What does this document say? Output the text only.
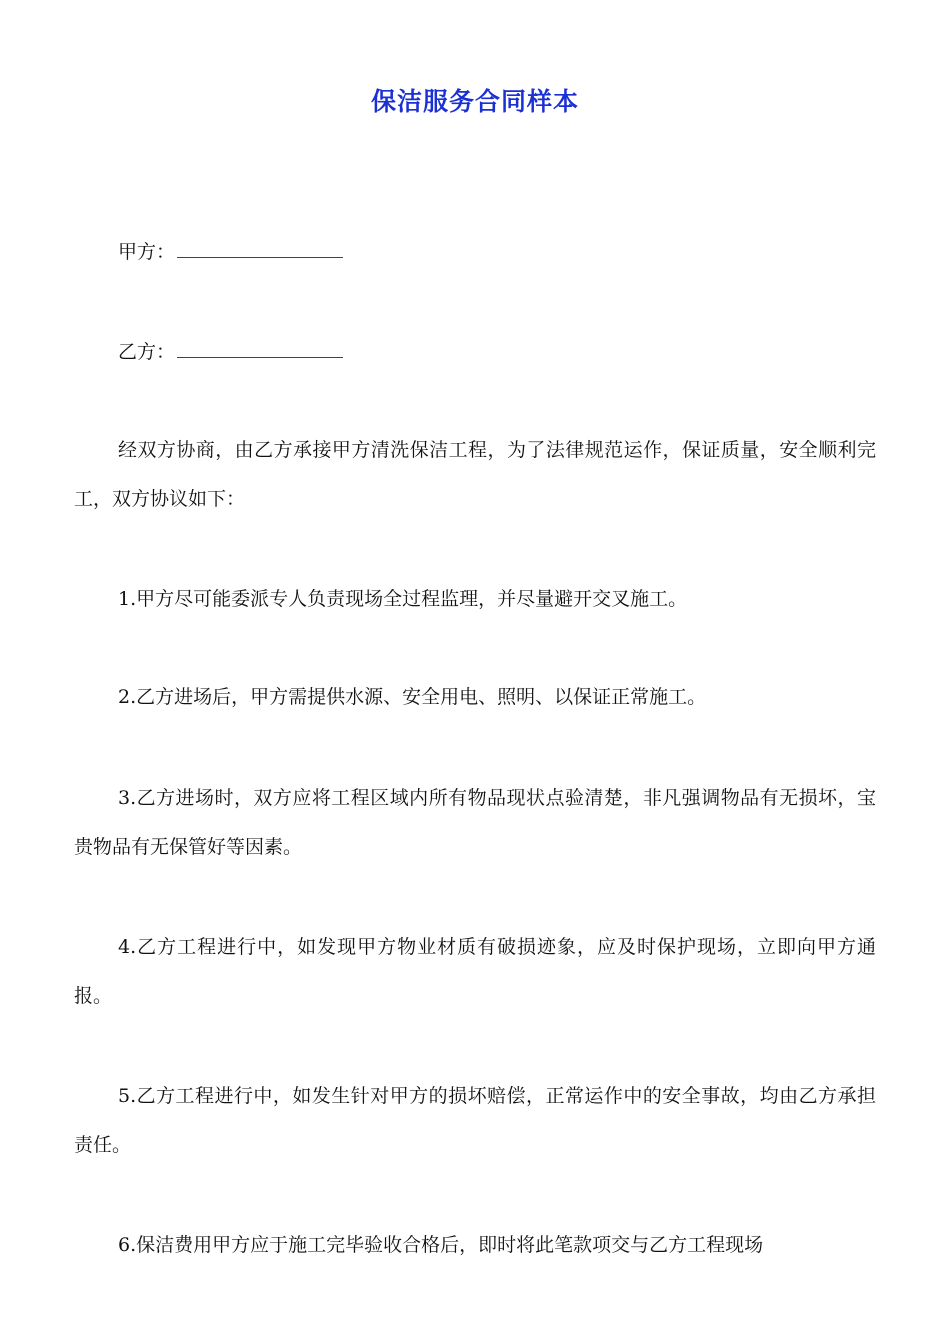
保洁服务合同样本
甲方：
乙方：

经双方协商，由乙方承接甲方清洗保洁工程，为了法律规范运作，保证质量，安全顺利完工，双方协议如下：

1.甲方尽可能委派专人负责现场全过程监理，并尽量避开交叉施工。

2.乙方进场后，甲方需提供水源、安全用电、照明、以保证正常施工。

3.乙方进场时，双方应将工程区域内所有物品现状点验清楚，非凡强调物品有无损坏，宝贵物品有无保管好等因素。

4.乙方工程进行中，如发现甲方物业材质有破损迹象，应及时保护现场，立即向甲方通报。

5.乙方工程进行中，如发生针对甲方的损坏赔偿，正常运作中的安全事故，均由乙方承担责任。

6.保洁费用甲方应于施工完毕验收合格后，即时将此笔款项交与乙方工程现场
